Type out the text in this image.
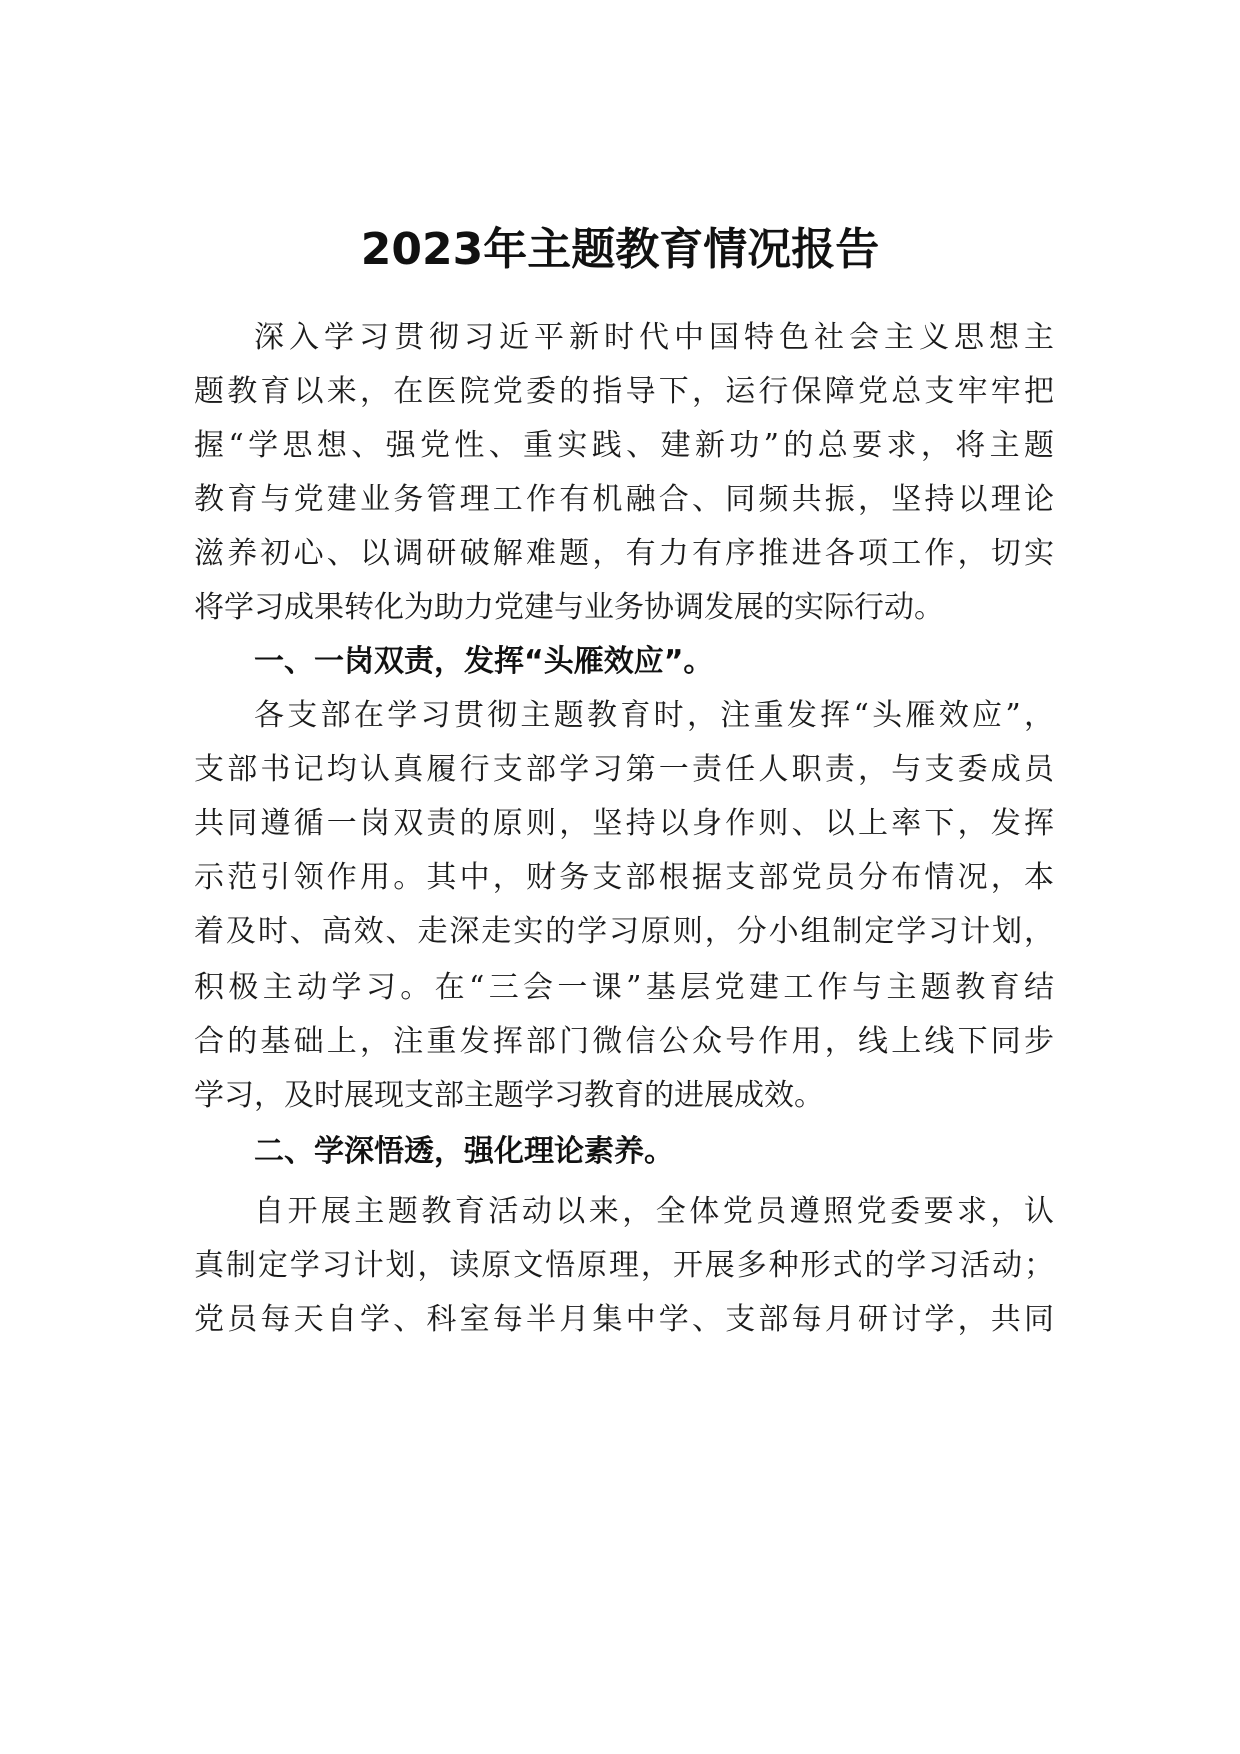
2023年主题教育情况报告
深入学习贯彻习近平新时代中国特色社会主义思想主
题教育以来，在医院党委的指导下，运行保障党总支牢牢把
握“学思想、强党性、重实践、建新功”的总要求，将主题
教育与党建业务管理工作有机融合、同频共振，坚持以理论
滋养初心、以调研破解难题，有力有序推进各项工作，切实
将学习成果转化为助力党建与业务协调发展的实际行动。
一、一岗双责，发挥“头雁效应”。
各支部在学习贯彻主题教育时，注重发挥“头雁效应”，
支部书记均认真履行支部学习第一责任人职责，与支委成员
共同遵循一岗双责的原则，坚持以身作则、以上率下，发挥
示范引领作用。其中，财务支部根据支部党员分布情况，本
着及时、高效、走深走实的学习原则，分小组制定学习计划，
积极主动学习。在“三会一课”基层党建工作与主题教育结
合的基础上，注重发挥部门微信公众号作用，线上线下同步
学习，及时展现支部主题学习教育的进展成效。
二、学深悟透，强化理论素养。
自开展主题教育活动以来，全体党员遵照党委要求，认
真制定学习计划，读原文悟原理，开展多种形式的学习活动；
党员每天自学、科室每半月集中学、支部每月研讨学，共同
